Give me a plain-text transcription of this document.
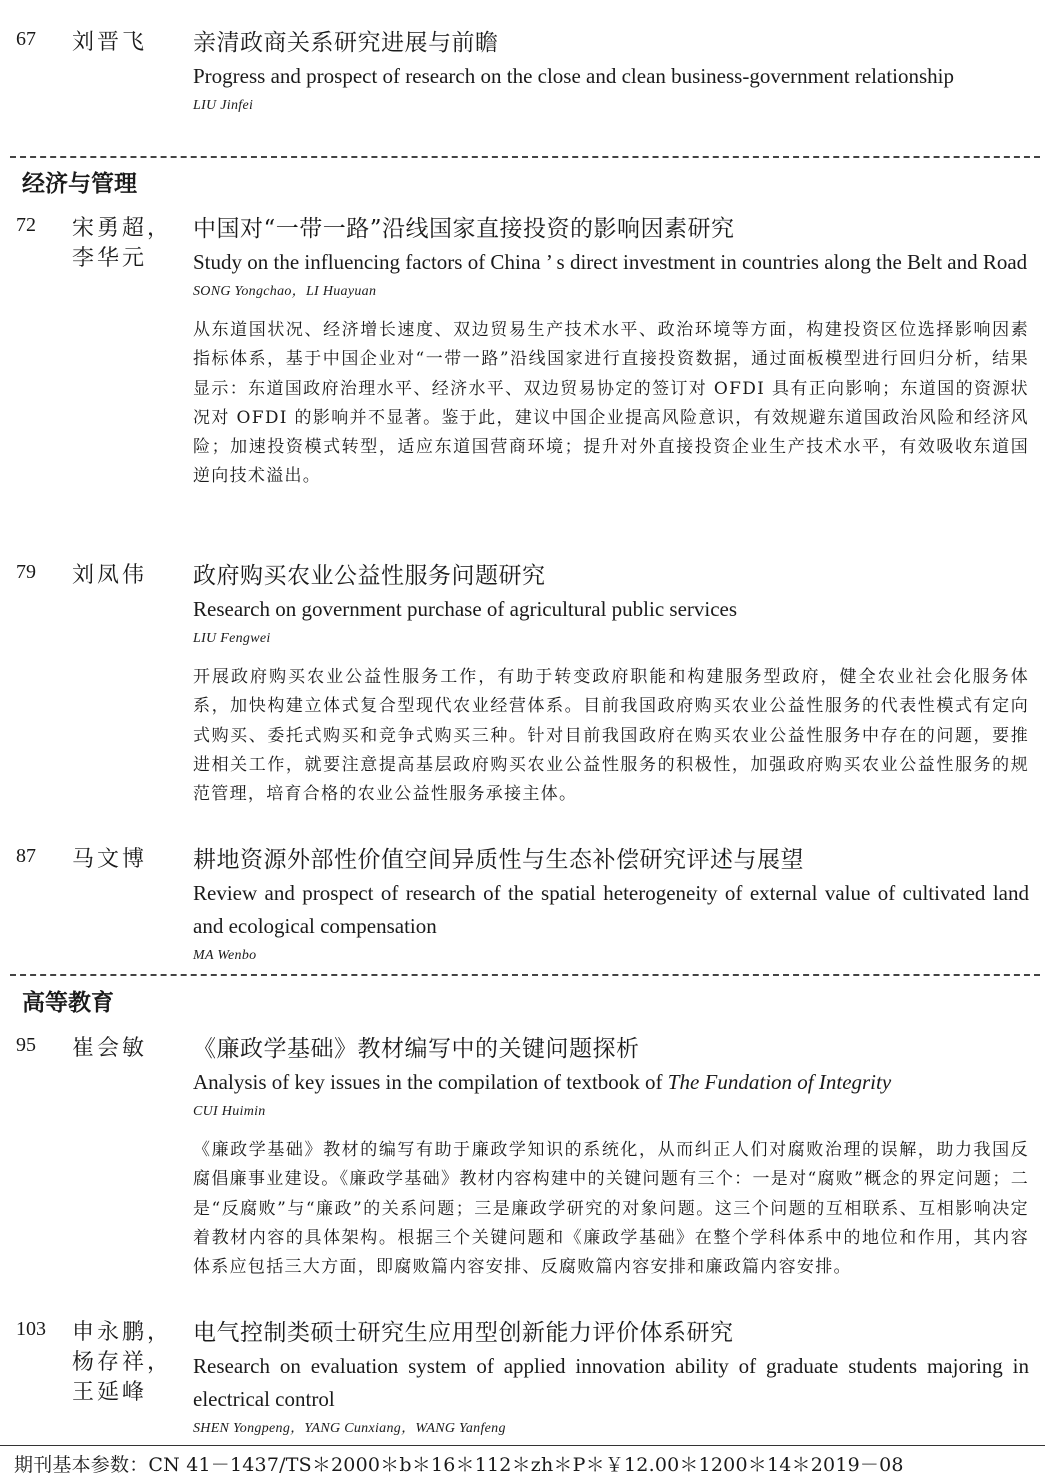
67 刘晋飞 亲清政商关系研究进展与前瞻
Progress and prospect of research on the close and clean business-government relationship
LIU Jinfei
经济与管理
72 宋勇超，
李华元
中国对“一带一路”沿线国家直接投资的影响因素研究
Study on the influencing factors of China ’ s direct investment in countries along the Belt and Road
SONG Yongchao，LI Huayuan
从东道国状况、经济增长速度、双边贸易生产技术水平、政治环境等方面，构建投资区位选择影响因素指标体系，基于中国企业对“一带一路”沿线国家进行直接投资数据，通过面板模型进行回归分析，结果显示：东道国政府治理水平、经济水平、双边贸易协定的签订对 OFDI 具有正向影响；东道国的资源状况对 OFDI 的影响并不显著。鉴于此，建议中国企业提高风险意识，有效规避东道国政治风险和经济风险；加速投资模式转型，适应东道国营商环境；提升对外直接投资企业生产技术水平，有效吸收东道国逆向技术溢出。
79 刘凤伟 政府购买农业公益性服务问题研究
Research on government purchase of agricultural public services
LIU Fengwei
开展政府购买农业公益性服务工作，有助于转变政府职能和构建服务型政府，健全农业社会化服务体系，加快构建立体式复合型现代农业经营体系。目前我国政府购买农业公益性服务的代表性模式有定向式购买、委托式购买和竞争式购买三种。针对目前我国政府在购买农业公益性服务中存在的问题，要推进相关工作，就要注意提高基层政府购买农业公益性服务的积极性，加强政府购买农业公益性服务的规范管理，培育合格的农业公益性服务承接主体。
87 马文博 耕地资源外部性价值空间异质性与生态补偿研究评述与展望
Review and prospect of research of the spatial heterogeneity of external value of cultivated land and ecological compensation
MA Wenbo
高等教育
95 崔会敏 《廉政学基础》教材编写中的关键问题探析
Analysis of key issues in the compilation of textbook of The Fundation of Integrity
CUI Huimin
《廉政学基础》教材的编写有助于廉政学知识的系统化，从而纠正人们对腐败治理的误解，助力我国反腐倡廉事业建设。《廉政学基础》教材内容构建中的关键问题有三个：一是对“腐败”概念的界定问题；二是“反腐败”与“廉政”的关系问题；三是廉政学研究的对象问题。这三个问题的互相联系、互相影响决定着教材内容的具体架构。根据三个关键问题和《廉政学基础》在整个学科体系中的地位和作用，其内容体系应包括三大方面，即腐败篇内容安排、反腐败篇内容安排和廉政篇内容安排。
103 申永鹏，
杨存祥，
王延峰
电气控制类硕士研究生应用型创新能力评价体系研究
Research on evaluation system of applied innovation ability of graduate students majoring in electrical control
SHEN Yongpeng，YANG Cunxiang，WANG Yanfeng
期刊基本参数：CN 41－1437/TS＊2000＊b＊16＊112＊zh＊P＊￥12.00＊1200＊14＊2019－08
